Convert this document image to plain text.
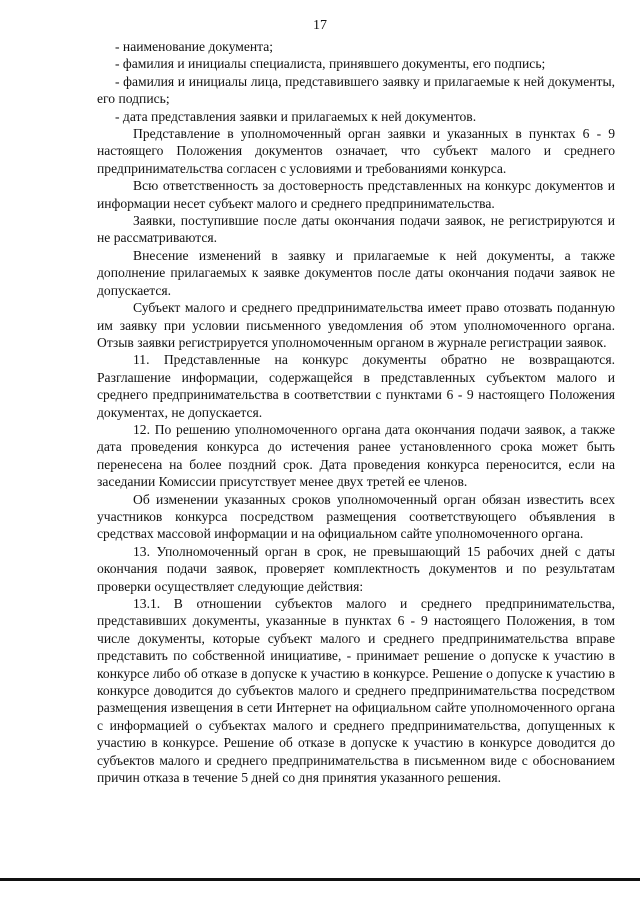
17

- наименование документа;

- фамилия и инициалы специалиста, принявшего документы, его подпись;

- фамилия и инициалы лица, представившего заявку и прилагаемые к ней документы, его подпись;

- дата представления заявки и прилагаемых к ней документов.

Представление в уполномоченный орган заявки и указанных в пунктах 6 - 9 настоящего Положения документов означает, что субъект малого и среднего предпринимательства согласен с условиями и требованиями конкурса.

Всю ответственность за достоверность представленных на конкурс документов и информации несет субъект малого и среднего предпринимательства.

Заявки, поступившие после даты окончания подачи заявок, не регистрируются и не рассматриваются.

Внесение изменений в заявку и прилагаемые к ней документы, а также дополнение прилагаемых к заявке документов после даты окончания подачи заявок не допускается.

Субъект малого и среднего предпринимательства имеет право отозвать поданную им заявку при условии письменного уведомления об этом уполномоченного органа. Отзыв заявки регистрируется уполномоченным органом в журнале регистрации заявок.

11. Представленные на конкурс документы обратно не возвращаются. Разглашение информации, содержащейся в представленных субъектом малого и среднего предпринимательства в соответствии с пунктами 6 - 9 настоящего Положения документах, не допускается.

12. По решению уполномоченного органа дата окончания подачи заявок, а также дата проведения конкурса до истечения ранее установленного срока может быть перенесена на более поздний срок. Дата проведения конкурса переносится, если на заседании Комиссии присутствует менее двух третей ее членов.

Об изменении указанных сроков уполномоченный орган обязан известить всех участников конкурса посредством размещения соответствующего объявления в средствах массовой информации и на официальном сайте уполномоченного органа.

13. Уполномоченный орган в срок, не превышающий 15 рабочих дней с даты окончания подачи заявок, проверяет комплектность документов и по результатам проверки осуществляет следующие действия:

13.1. В отношении субъектов малого и среднего предпринимательства, представивших документы, указанные в пунктах 6 - 9 настоящего Положения, в том числе документы, которые субъект малого и среднего предпринимательства вправе представить по собственной инициативе, - принимает решение о допуске к участию в конкурсе либо об отказе в допуске к участию в конкурсе. Решение о допуске к участию в конкурсе доводится до субъектов малого и среднего предпринимательства посредством размещения извещения в сети Интернет на официальном сайте уполномоченного органа с информацией о субъектах малого и среднего предпринимательства, допущенных к участию в конкурсе. Решение об отказе в допуске к участию в конкурсе доводится до субъектов малого и среднего предпринимательства в письменном виде с обоснованием причин отказа в течение 5 дней со дня принятия указанного решения.
